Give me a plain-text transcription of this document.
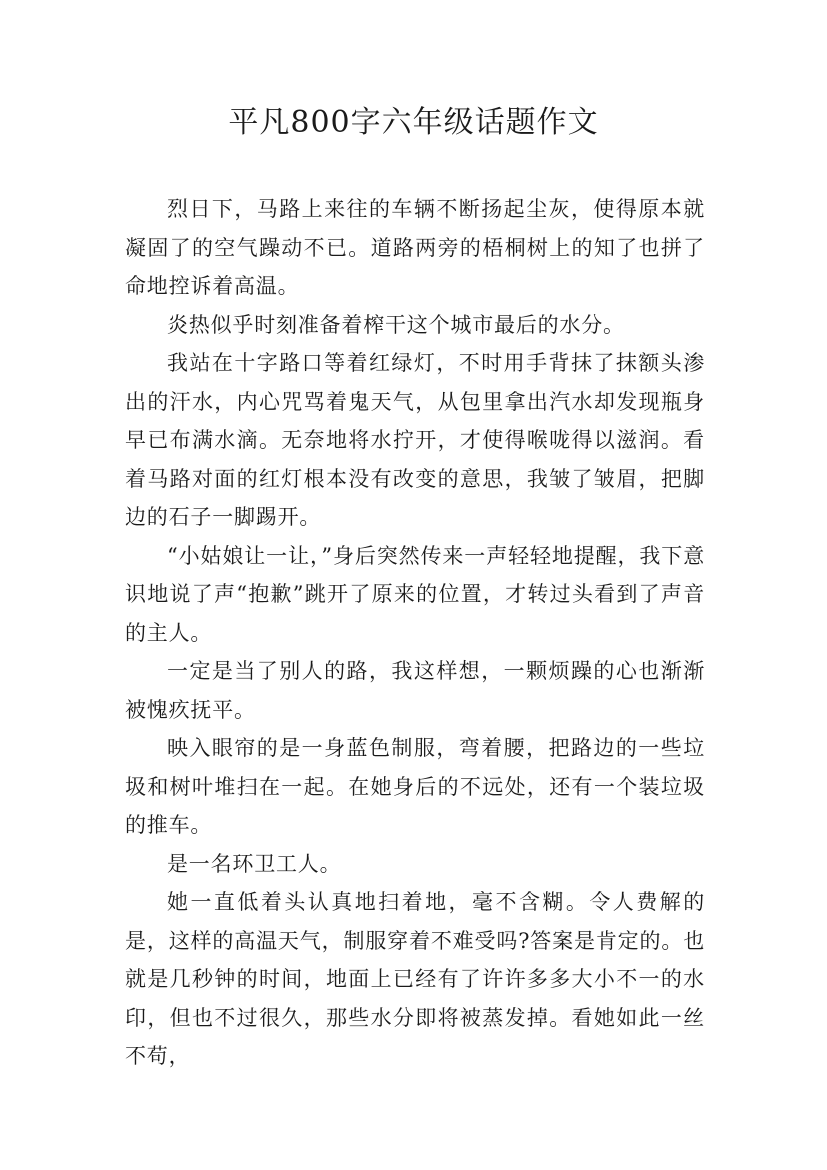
平凡800字六年级话题作文

烈日下，马路上来往的车辆不断扬起尘灰，使得原本就凝固了的空气躁动不已。道路两旁的梧桐树上的知了也拼了命地控诉着高温。

炎热似乎时刻准备着榨干这个城市最后的水分。

我站在十字路口等着红绿灯，不时用手背抹了抹额头渗出的汗水，内心咒骂着鬼天气，从包里拿出汽水却发现瓶身早已布满水滴。无奈地将水拧开，才使得喉咙得以滋润。看着马路对面的红灯根本没有改变的意思，我皱了皱眉，把脚边的石子一脚踢开。

“小姑娘让一让，”身后突然传来一声轻轻地提醒，我下意识地说了声“抱歉”跳开了原来的位置，才转过头看到了声音的主人。

一定是当了别人的路，我这样想，一颗烦躁的心也渐渐被愧疚抚平。

映入眼帘的是一身蓝色制服，弯着腰，把路边的一些垃圾和树叶堆扫在一起。在她身后的不远处，还有一个装垃圾的推车。

是一名环卫工人。

她一直低着头认真地扫着地，毫不含糊。令人费解的是，这样的高温天气，制服穿着不难受吗?答案是肯定的。也就是几秒钟的时间，地面上已经有了许许多多大小不一的水印，但也不过很久，那些水分即将被蒸发掉。看她如此一丝不苟，
